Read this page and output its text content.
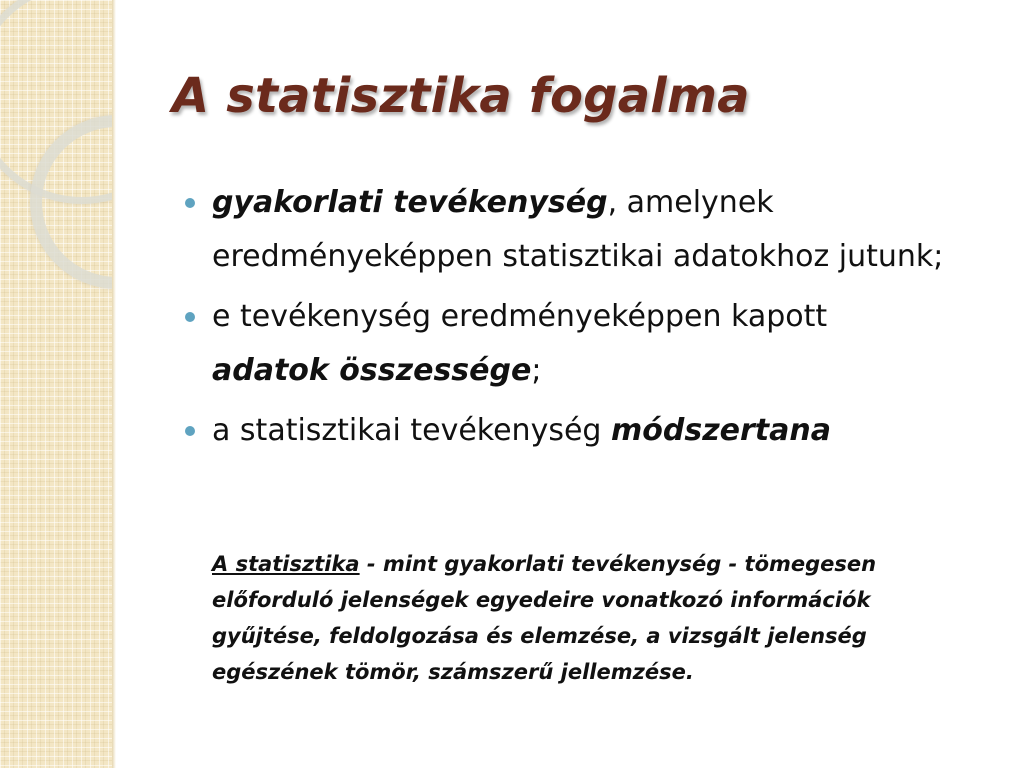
A statisztika fogalma
gyakorlati tevékenység, amelynek eredményeképpen statisztikai adatokhoz jutunk;
e tevékenység eredményeképpen kapott adatok összessége;
a statisztikai tevékenység módszertana

A statisztika - mint gyakorlati tevékenység - tömegesen előforduló jelenségek egyedeire vonatkozó információk gyűjtése, feldolgozása és elemzése, a vizsgált jelenség egészének tömör, számszerű jellemzése.
